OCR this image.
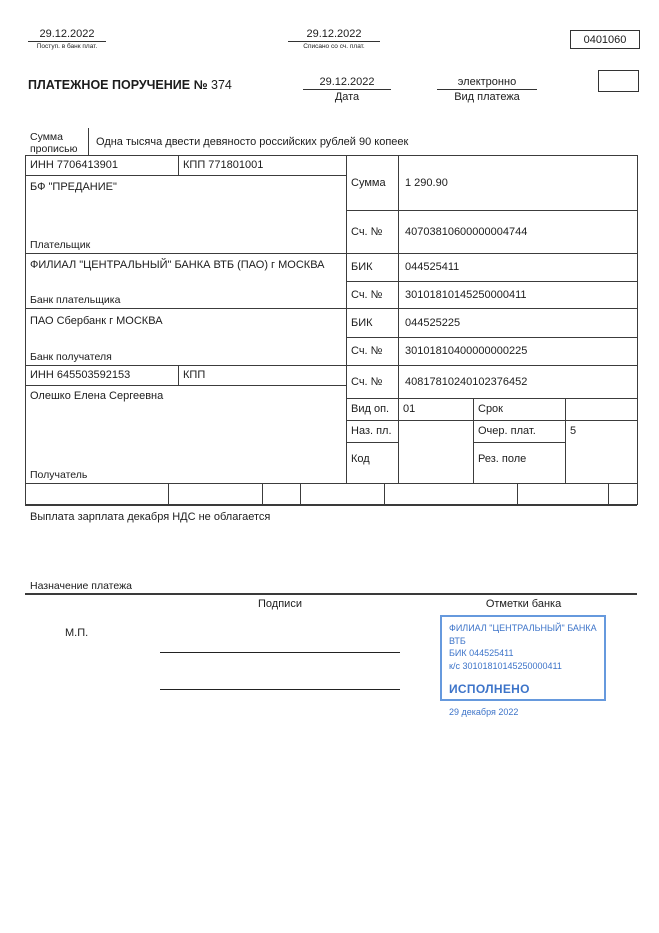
29.12.2022
Поступ. в банк плат.
29.12.2022
Списано со сч. плат.
0401060
ПЛАТЕЖНОЕ ПОРУЧЕНИЕ № 374	29.12.2022
Дата
электронно
Вид платежа
Сумма прописью
Одна тысяча двести девяносто российских рублей 90 копеек
ИНН 7706413901	КПП 771801001
БФ "ПРЕДАНИЕ"
Плательщик
Сумма 1 290.90
Сч. № 40703810600000004744
ФИЛИАЛ "ЦЕНТРАЛЬНЫЙ" БАНКА ВТБ (ПАО) г МОСКВА
Банк плательщика
БИК	044525411
Сч. № 30101810145250000411
ПАО Сбербанк г МОСКВА
Банк получателя
БИК	044525225
Сч. № 30101810400000000225
ИНН 645503592153	КПП
Олешко Елена Сергеевна
Получатель
Сч. № 40817810240102376452
Вид оп. 01	Срок
Наз. пл.	Очер. плат.	5
Код	Рез. поле
Выплата зарплата декабря НДС не облагается
Назначение платежа
Подписи	Отметки банка
М.П.	ФИЛИАЛ "ЦЕНТРАЛЬНЫЙ" БАНКА ВТБ
БИК 044525411
к/с 30101810145250000411
ИСПОЛНЕНО
29 декабря 2022
